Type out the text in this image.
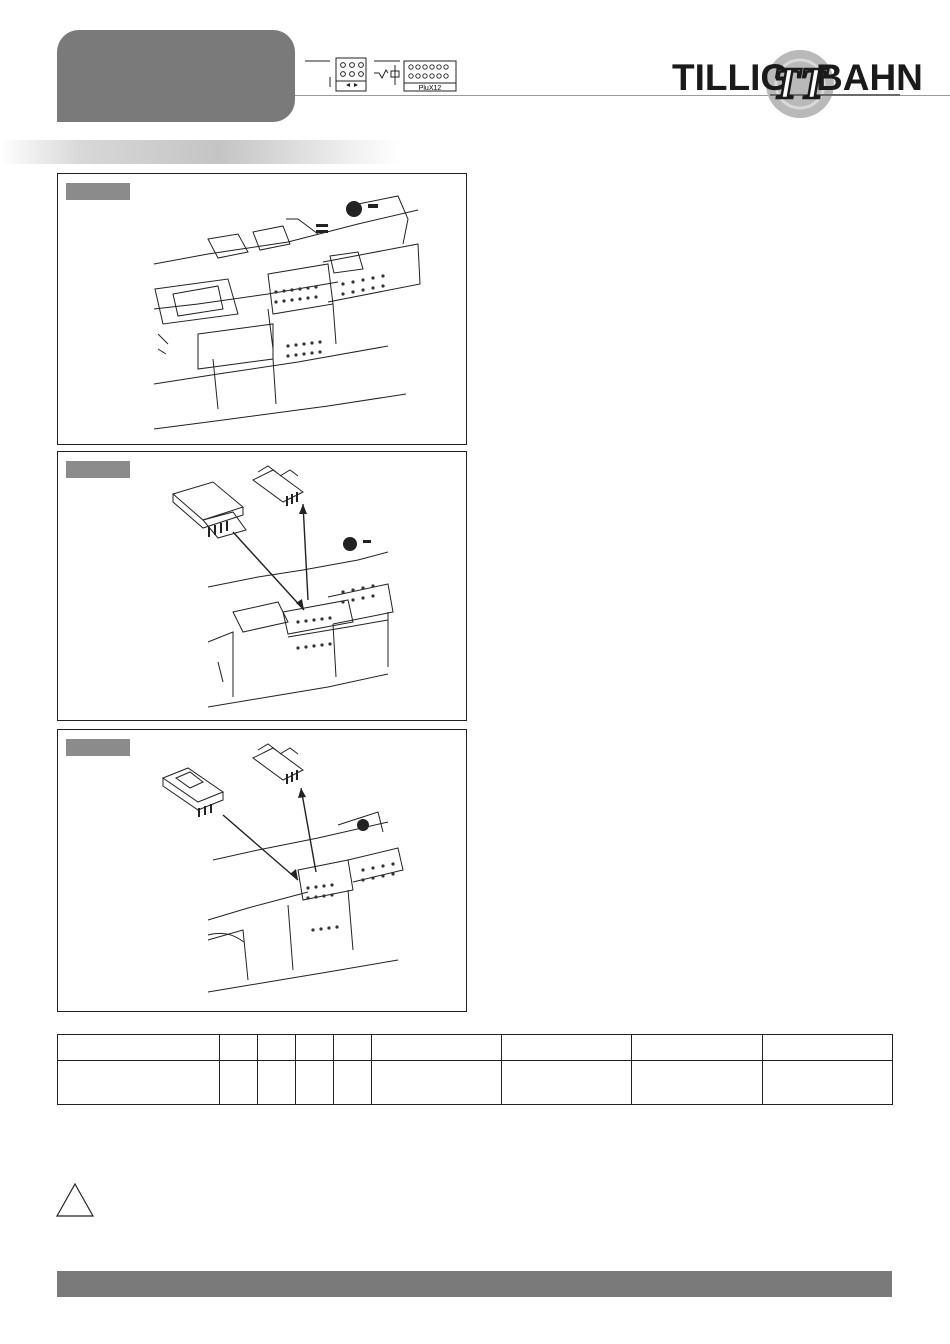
PluX12	TILLIG
TT
BAHN
